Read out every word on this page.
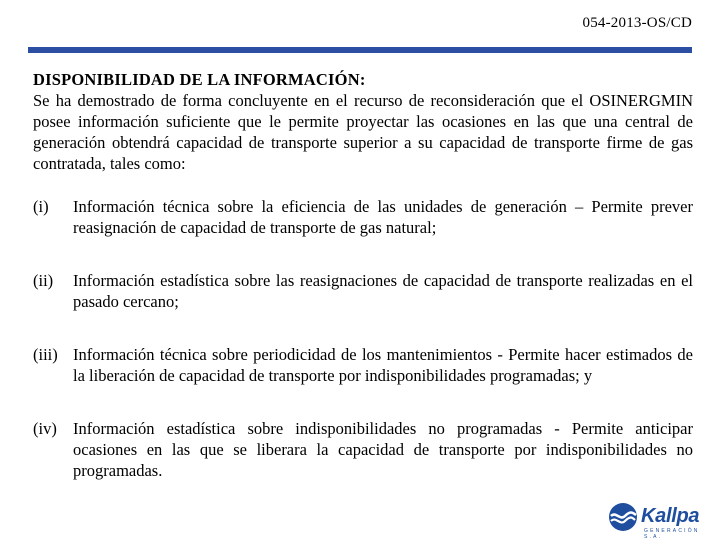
054-2013-OS/CD

DISPONIBILIDAD DE LA INFORMACIÓN:

Se ha demostrado de forma concluyente en el recurso de reconsideración que el OSINERGMIN posee información suficiente que le permite proyectar las ocasiones en las que una central de generación obtendrá capacidad de transporte superior a su capacidad de transporte firme de gas contratada, tales como:

(i)	Información técnica sobre la eficiencia de las unidades de generación – Permite prever reasignación de capacidad de transporte de gas natural;
(ii)	Información estadística sobre las reasignaciones de capacidad de transporte realizadas en el pasado cercano;
(iii) Información técnica sobre periodicidad de los mantenimientos - Permite hacer estimados de la liberación de capacidad de transporte por indisponibilidades programadas; y
(iv) Información estadística sobre indisponibilidades no programadas - Permite anticipar ocasiones en las que se liberara la capacidad de transporte por indisponibilidades no programadas.
Kallpa
GENERACIÓN S.A.
